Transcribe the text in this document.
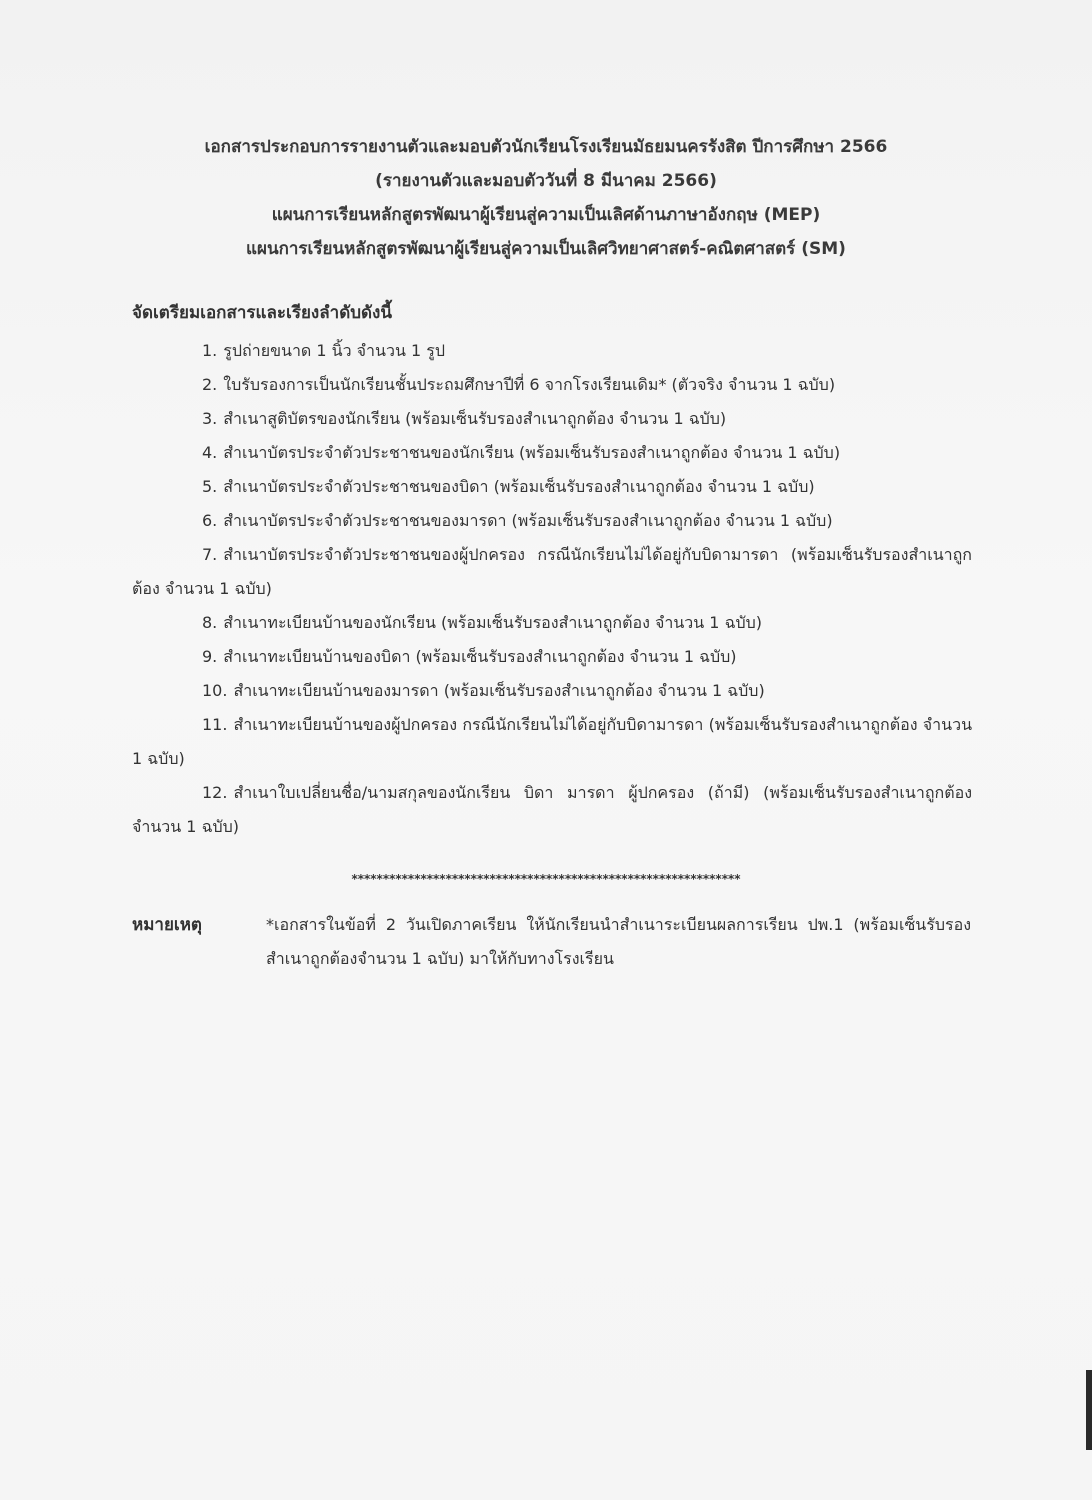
เอกสารประกอบการรายงานตัวและมอบตัวนักเรียนโรงเรียนมัธยมนครรังสิต ปีการศึกษา 2566
(รายงานตัวและมอบตัววันที่ 8 มีนาคม 2566)
แผนการเรียนหลักสูตรพัฒนาผู้เรียนสู่ความเป็นเลิศด้านภาษาอังกฤษ (MEP)
แผนการเรียนหลักสูตรพัฒนาผู้เรียนสู่ความเป็นเลิศวิทยาศาสตร์-คณิตศาสตร์ (SM)
จัดเตรียมเอกสารและเรียงลำดับดังนี้
1. รูปถ่ายขนาด 1 นิ้ว จำนวน 1 รูป
2. ใบรับรองการเป็นนักเรียนชั้นประถมศึกษาปีที่ 6 จากโรงเรียนเดิม* (ตัวจริง จำนวน 1 ฉบับ)
3. สำเนาสูติบัตรของนักเรียน (พร้อมเซ็นรับรองสำเนาถูกต้อง จำนวน 1 ฉบับ)
4. สำเนาบัตรประจำตัวประชาชนของนักเรียน (พร้อมเซ็นรับรองสำเนาถูกต้อง จำนวน 1 ฉบับ)
5. สำเนาบัตรประจำตัวประชาชนของบิดา (พร้อมเซ็นรับรองสำเนาถูกต้อง จำนวน 1 ฉบับ)
6. สำเนาบัตรประจำตัวประชาชนของมารดา (พร้อมเซ็นรับรองสำเนาถูกต้อง จำนวน 1 ฉบับ)
7. สำเนาบัตรประจำตัวประชาชนของผู้ปกครอง กรณีนักเรียนไม่ได้อยู่กับบิดามารดา (พร้อมเซ็นรับรองสำเนาถูกต้อง จำนวน 1 ฉบับ)
8. สำเนาทะเบียนบ้านของนักเรียน (พร้อมเซ็นรับรองสำเนาถูกต้อง จำนวน 1 ฉบับ)
9. สำเนาทะเบียนบ้านของบิดา (พร้อมเซ็นรับรองสำเนาถูกต้อง จำนวน 1 ฉบับ)
10. สำเนาทะเบียนบ้านของมารดา (พร้อมเซ็นรับรองสำเนาถูกต้อง จำนวน 1 ฉบับ)
11. สำเนาทะเบียนบ้านของผู้ปกครอง กรณีนักเรียนไม่ได้อยู่กับบิดามารดา (พร้อมเซ็นรับรองสำเนาถูกต้อง จำนวน 1 ฉบับ)
12. สำเนาใบเปลี่ยนชื่อ/นามสกุลของนักเรียน บิดา มารดา ผู้ปกครอง (ถ้ามี) (พร้อมเซ็นรับรองสำเนาถูกต้อง จำนวน 1 ฉบับ)
**************************************************************
หมายเหตุ	*เอกสารในข้อที่ 2 วันเปิดภาคเรียน ให้นักเรียนนำสำเนาระเบียนผลการเรียน ปพ.1 (พร้อมเซ็นรับรองสำเนาถูกต้องจำนวน 1 ฉบับ) มาให้กับทางโรงเรียน
